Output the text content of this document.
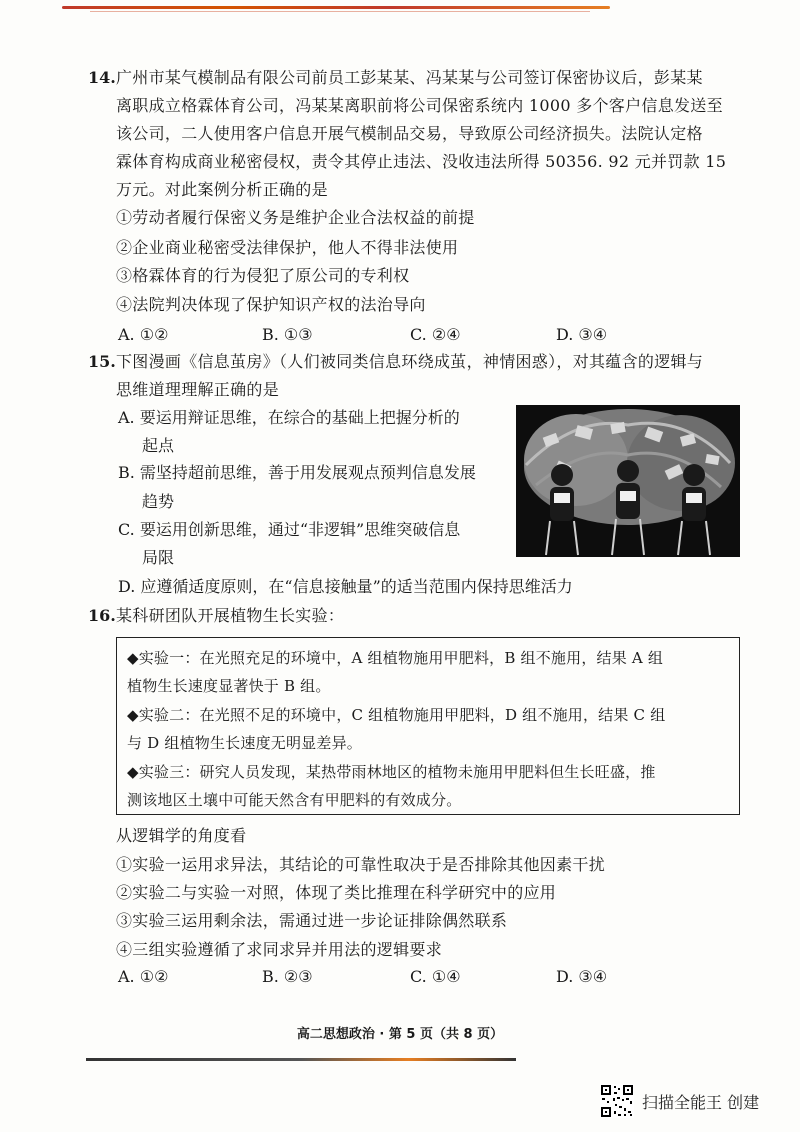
14. 广州市某气模制品有限公司前员工彭某某、冯某某与公司签订保密协议后，彭某某
离职成立格霖体育公司，冯某某离职前将公司保密系统内 1000 多个客户信息发送至
该公司，二人使用客户信息开展气模制品交易，导致原公司经济损失。法院认定格
霖体育构成商业秘密侵权，责令其停止违法、没收违法所得 50356. 92 元并罚款 15
万元。对此案例分析正确的是
①劳动者履行保密义务是维护企业合法权益的前提
②企业商业秘密受法律保护，他人不得非法使用
③格霖体育的行为侵犯了原公司的专利权
④法院判决体现了保护知识产权的法治导向
A. ①②	B. ①③	C. ②④	D. ③④
15. 下图漫画《信息茧房》（人们被同类信息环绕成茧，神情困惑），对其蕴含的逻辑与
思维道理理解正确的是
A. 要运用辩证思维，在综合的基础上把握分析的
起点
B. 需坚持超前思维，善于用发展观点预判信息发展
趋势
C. 要运用创新思维，通过“非逻辑”思维突破信息
局限
D. 应遵循适度原则，在“信息接触量”的适当范围内保持思维活力
16. 某科研团队开展植物生长实验：
◆实验一：在光照充足的环境中，A 组植物施用甲肥料，B 组不施用，结果 A 组
植物生长速度显著快于 B 组。
◆实验二：在光照不足的环境中，C 组植物施用甲肥料，D 组不施用，结果 C 组
与 D 组植物生长速度无明显差异。
◆实验三：研究人员发现，某热带雨林地区的植物未施用甲肥料但生长旺盛，推
测该地区土壤中可能天然含有甲肥料的有效成分。
从逻辑学的角度看
①实验一运用求异法，其结论的可靠性取决于是否排除其他因素干扰
②实验二与实验一对照，体现了类比推理在科学研究中的应用
③实验三运用剩余法，需通过进一步论证排除偶然联系
④三组实验遵循了求同求异并用法的逻辑要求
A. ①②	B. ②③	C. ①④	D. ③④
高二思想政治 · 第 5 页（共 8 页）
扫描全能王 创建
